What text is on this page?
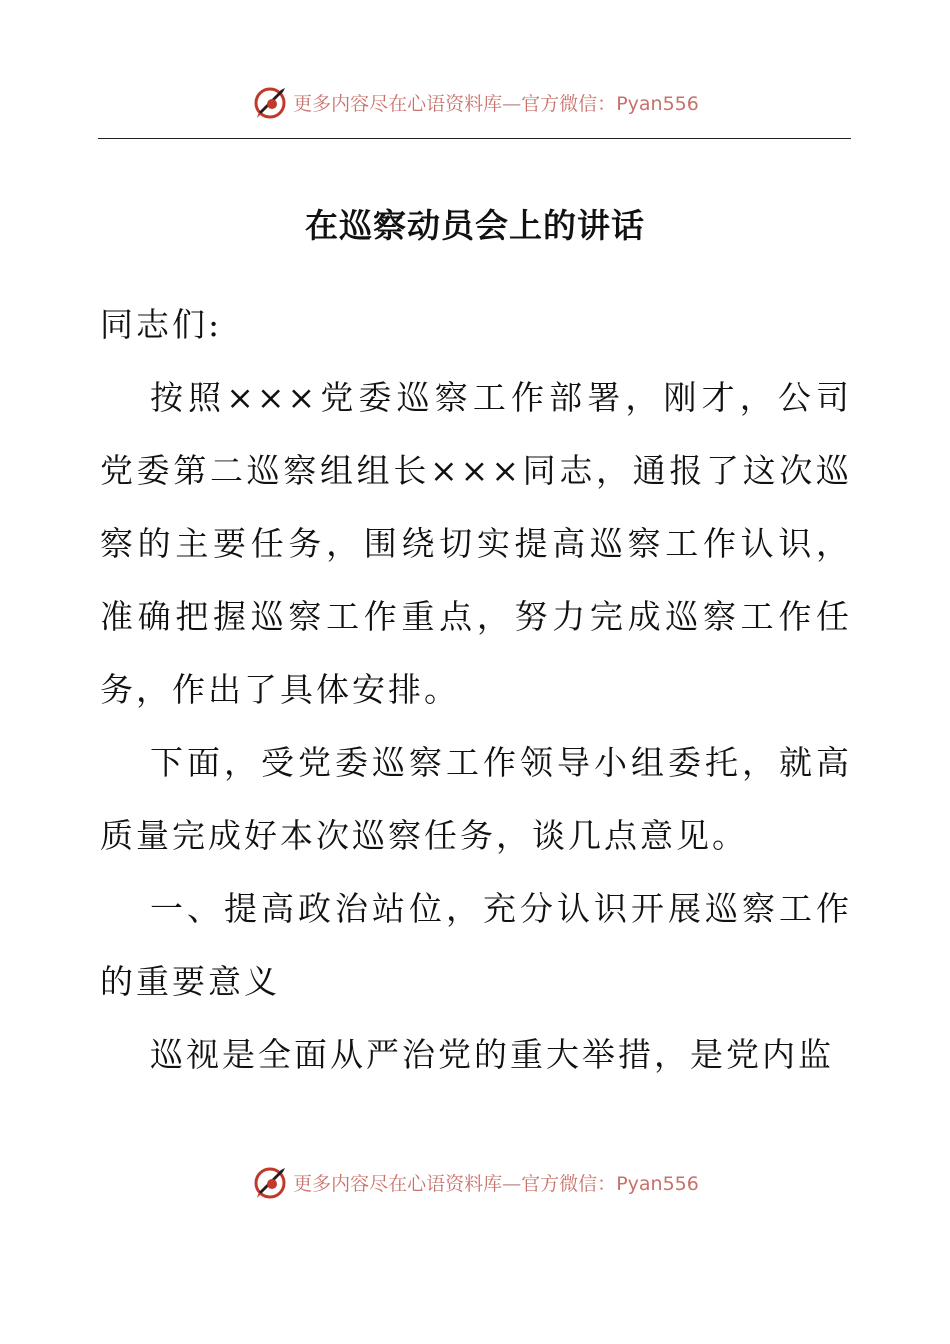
更多内容尽在心语资料库—官方微信：Pyan556
在巡察动员会上的讲话

同志们:

按照×××党委巡察工作部署，刚才，公司党委第二巡察组组长×××同志，通报了这次巡察的主要任务，围绕切实提高巡察工作认识，准确把握巡察工作重点，努力完成巡察工作任务，作出了具体安排。

下面，受党委巡察工作领导小组委托，就高质量完成好本次巡察任务，谈几点意见。

一、提高政治站位，充分认识开展巡察工作的重要意义

巡视是全面从严治党的重大举措，是党内监

更多内容尽在心语资料库—官方微信：Pyan556
